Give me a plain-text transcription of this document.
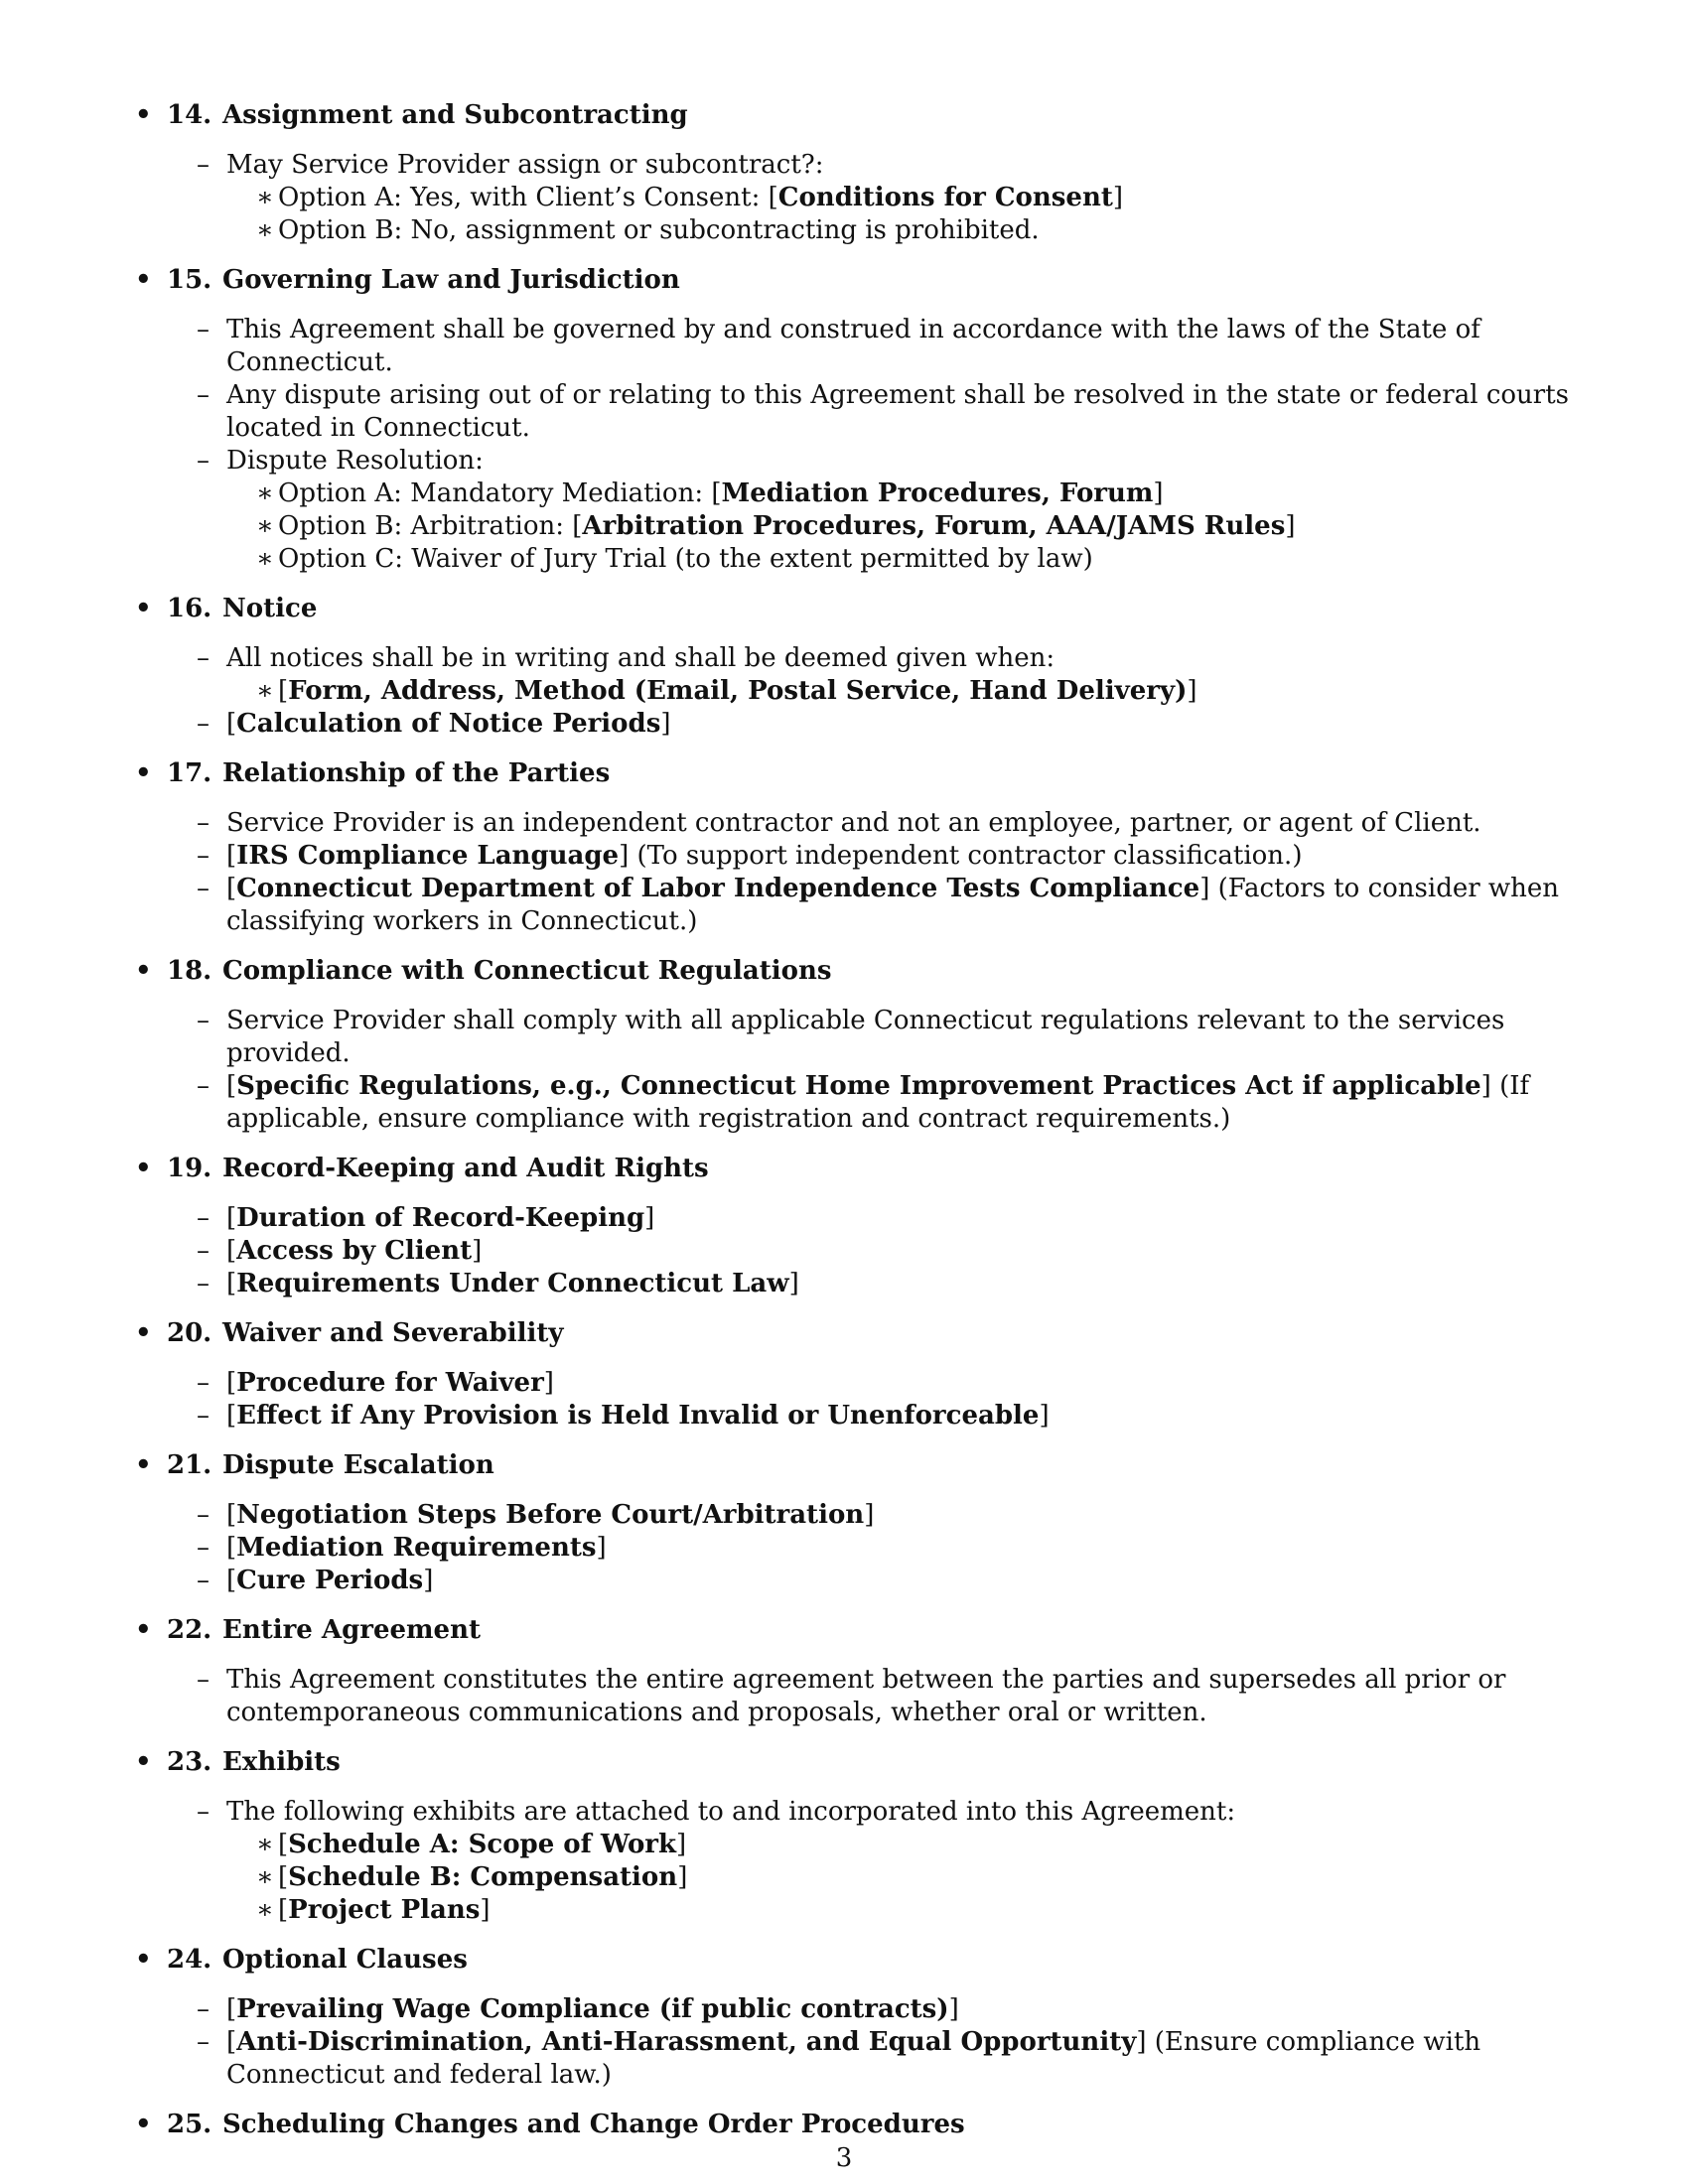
• 14. Assignment and Subcontracting
– May Service Provider assign or subcontract?:
∗ Option A: Yes, with Client’s Consent: [Conditions for Consent]
∗ Option B: No, assignment or subcontracting is prohibited.
• 15. Governing Law and Jurisdiction
– This Agreement shall be governed by and construed in accordance with the laws of the State of Connecticut.
– Any dispute arising out of or relating to this Agreement shall be resolved in the state or federal courts located in Connecticut.
– Dispute Resolution:
∗ Option A: Mandatory Mediation: [Mediation Procedures, Forum]
∗ Option B: Arbitration: [Arbitration Procedures, Forum, AAA/JAMS Rules]
∗ Option C: Waiver of Jury Trial (to the extent permitted by law)
• 16. Notice
– All notices shall be in writing and shall be deemed given when:
∗ [Form, Address, Method (Email, Postal Service, Hand Delivery)]
– [Calculation of Notice Periods]
• 17. Relationship of the Parties
– Service Provider is an independent contractor and not an employee, partner, or agent of Client.
– [IRS Compliance Language] (To support independent contractor classification.)
– [Connecticut Department of Labor Independence Tests Compliance] (Factors to consider when classifying workers in Connecticut.)
• 18. Compliance with Connecticut Regulations
– Service Provider shall comply with all applicable Connecticut regulations relevant to the services provided.
– [Specific Regulations, e.g., Connecticut Home Improvement Practices Act if applicable] (If applicable, ensure compliance with registration and contract requirements.)
• 19. Record-Keeping and Audit Rights
– [Duration of Record-Keeping]
– [Access by Client]
– [Requirements Under Connecticut Law]
• 20. Waiver and Severability
– [Procedure for Waiver]
– [Effect if Any Provision is Held Invalid or Unenforceable]
• 21. Dispute Escalation
– [Negotiation Steps Before Court/Arbitration]
– [Mediation Requirements]
– [Cure Periods]
• 22. Entire Agreement
– This Agreement constitutes the entire agreement between the parties and supersedes all prior or contemporaneous communications and proposals, whether oral or written.
• 23. Exhibits
– The following exhibits are attached to and incorporated into this Agreement:
∗ [Schedule A: Scope of Work]
∗ [Schedule B: Compensation]
∗ [Project Plans]
• 24. Optional Clauses
– [Prevailing Wage Compliance (if public contracts)]
– [Anti-Discrimination, Anti-Harassment, and Equal Opportunity] (Ensure compliance with Connecticut and federal law.)
• 25. Scheduling Changes and Change Order Procedures
3
